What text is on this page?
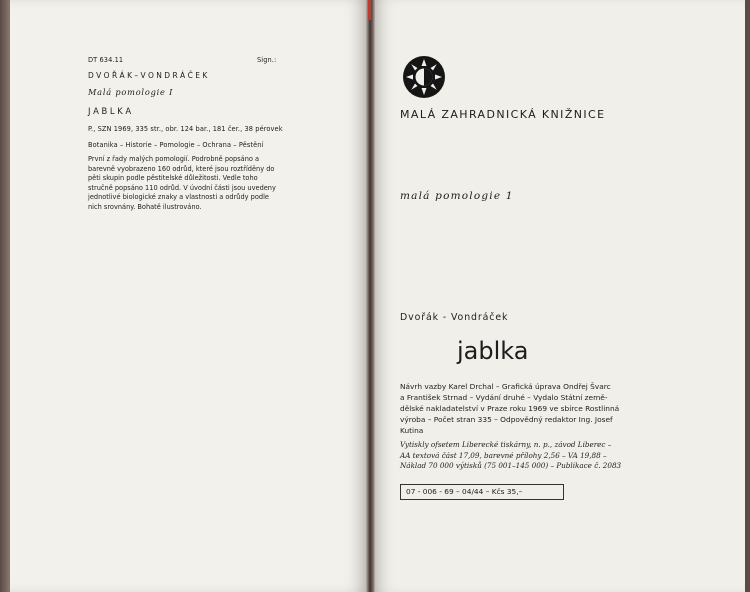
DT 634.11	Sign.:
D V O Ř Á K – V O N D R Á Č E K
Malá pomologie I
J A B L K A
P., SZN 1969, 335 str., obr. 124 bar., 181 čer., 38 pérovek
Botanika – Historie – Pomologie – Ochrana – Pěstění
První z řady malých pomologií. Podrobně popsáno a
barevně vyobrazeno 160 odrůd, které jsou roztříděny do
pěti skupin podle pěstitelské důležitosti. Vedle toho
stručně popsáno 110 odrůd. V úvodní části jsou uvedeny
jednotlivé biologické znaky a vlastnosti a odrůdy podle
nich srovnány. Bohatě ilustrováno.
MALÁ ZAHRADNICKÁ KNIŽNICE
malá pomologie 1
Dvořák - Vondráček
jablka
Návrh vazby Karel Drchal – Grafická úprava Ondřej Švarc
a František Strnad – Vydání druhé – Vydalo Státní země-
dělské nakladatelství v Praze roku 1969 ve sbírce Rostlinná
výroba – Počet stran 335 – Odpovědný redaktor Ing. Josef
Kutina
Vytiskly ofsetem Liberecké tiskárny, n. p., závod Liberec –
AA textová část 17,09, barevné přílohy 2,56 – VA 19,88 –
Náklad 70 000 výtisků (75 001–145 000) – Publikace č. 2083
07 - 006 - 69 – 04/44 – Kčs 35,–
